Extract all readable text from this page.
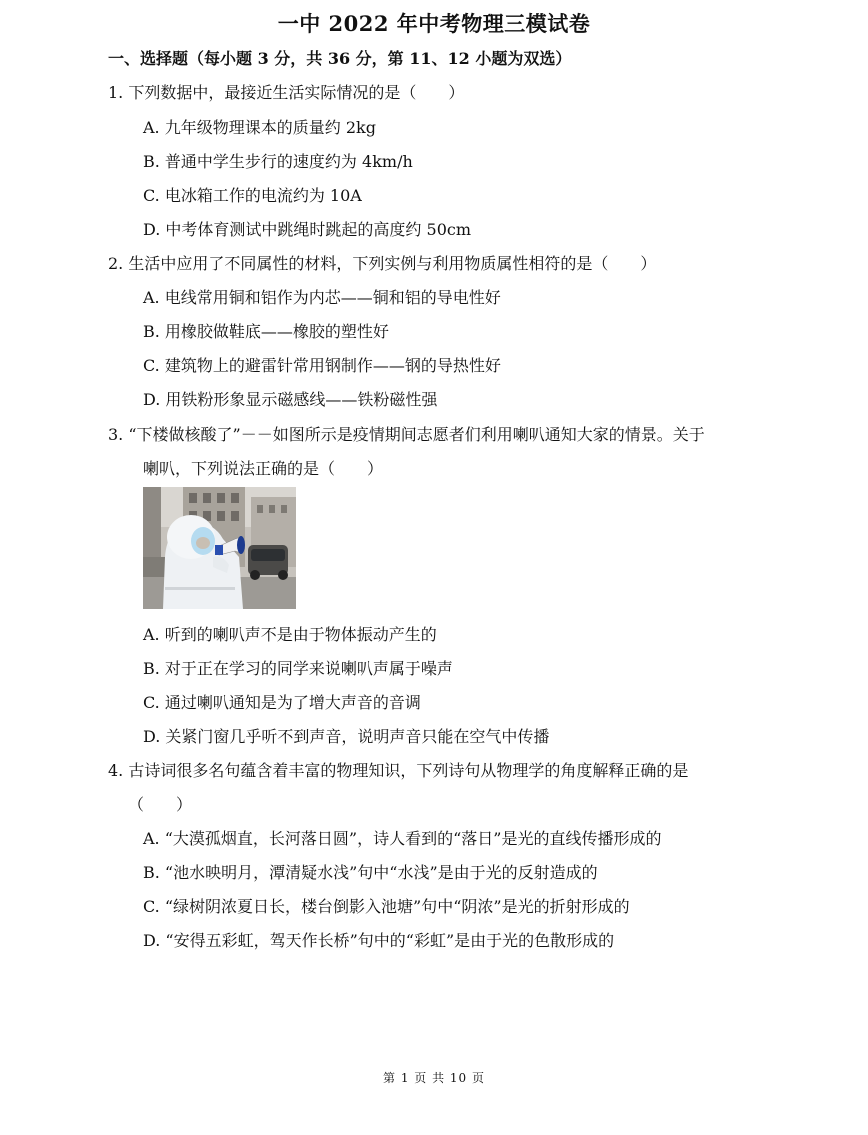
一中 2022 年中考物理三模试卷
一、选择题（每小题 3 分，共 36 分，第 11、12 小题为双选）
1. 下列数据中，最接近生活实际情况的是（　　）
A. 九年级物理课本的质量约 2kg
B. 普通中学生步行的速度约为 4km/h
C. 电冰箱工作的电流约为 10A
D. 中考体育测试中跳绳时跳起的高度约 50cm
2. 生活中应用了不同属性的材料，下列实例与利用物质属性相符的是（　　）
A. 电线常用铜和铝作为内芯——铜和铝的导电性好
B. 用橡胶做鞋底——橡胶的塑性好
C. 建筑物上的避雷针常用钢制作——钢的导热性好
D. 用铁粉形象显示磁感线——铁粉磁性强
3. “下楼做核酸了”－－如图所示是疫情期间志愿者们利用喇叭通知大家的情景。关于
喇叭，下列说法正确的是（　　）
A. 听到的喇叭声不是由于物体振动产生的
B. 对于正在学习的同学来说喇叭声属于噪声
C. 通过喇叭通知是为了增大声音的音调
D. 关紧门窗几乎听不到声音，说明声音只能在空气中传播
4. 古诗词很多名句蕴含着丰富的物理知识，下列诗句从物理学的角度解释正确的是
（　　）
A. “大漠孤烟直，长河落日圆”，诗人看到的“落日”是光的直线传播形成的
B. “池水映明月，潭清疑水浅”句中“水浅”是由于光的反射造成的
C. “绿树阴浓夏日长，楼台倒影入池塘”句中“阴浓”是光的折射形成的
D. “安得五彩虹，驾天作长桥”句中的“彩虹”是由于光的色散形成的
第 1 页 共 10 页
